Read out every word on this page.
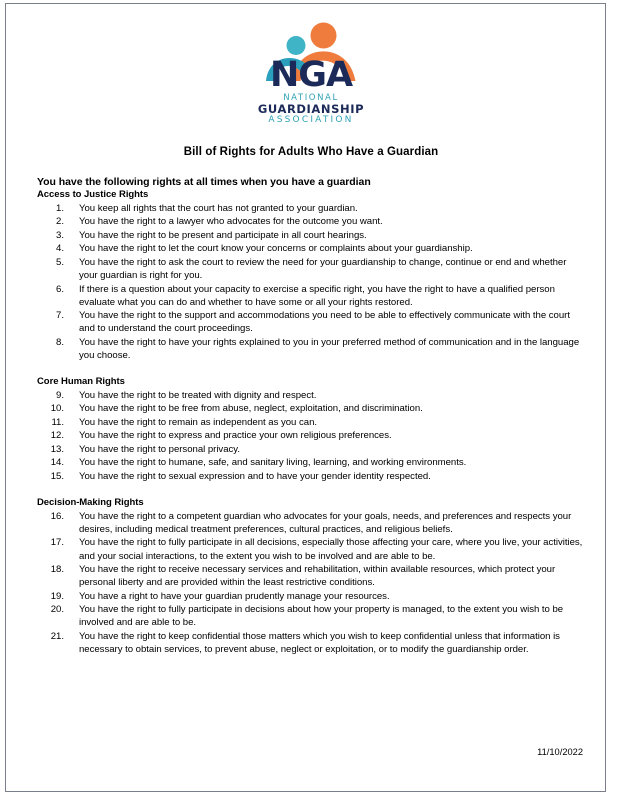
NGA
NATIONAL
GUARDIANSHIP
ASSOCIATION
Bill of Rights for Adults Who Have a Guardian
You have the following rights at all times when you have a guardian
Access to Justice Rights
1. You keep all rights that the court has not granted to your guardian.
2. You have the right to a lawyer who advocates for the outcome you want.
3. You have the right to be present and participate in all court hearings.
4. You have the right to let the court know your concerns or complaints about your guardianship.
5. You have the right to ask the court to review the need for your guardianship to change, continue or end and whether your guardian is right for you.
6. If there is a question about your capacity to exercise a specific right, you have the right to have a qualified person evaluate what you can do and whether to have some or all your rights restored.
7. You have the right to the support and accommodations you need to be able to effectively communicate with the court and to understand the court proceedings.
8. You have the right to have your rights explained to you in your preferred method of communication and in the language you choose.
Core Human Rights
9. You have the right to be treated with dignity and respect.
10. You have the right to be free from abuse, neglect, exploitation, and discrimination.
11. You have the right to remain as independent as you can.
12. You have the right to express and practice your own religious preferences.
13. You have the right to personal privacy.
14. You have the right to humane, safe, and sanitary living, learning, and working environments.
15. You have the right to sexual expression and to have your gender identity respected.
Decision-Making Rights
16. You have the right to a competent guardian who advocates for your goals, needs, and preferences and respects your desires, including medical treatment preferences, cultural practices, and religious beliefs.
17. You have the right to fully participate in all decisions, especially those affecting your care, where you live, your activities, and your social interactions, to the extent you wish to be involved and are able to be.
18. You have the right to receive necessary services and rehabilitation, within available resources, which protect your personal liberty and are provided within the least restrictive conditions.
19. You have a right to have your guardian prudently manage your resources.
20. You have the right to fully participate in decisions about how your property is managed, to the extent you wish to be involved and are able to be.
21. You have the right to keep confidential those matters which you wish to keep confidential unless that information is necessary to obtain services, to prevent abuse, neglect or exploitation, or to modify the guardianship order.
11/10/2022
